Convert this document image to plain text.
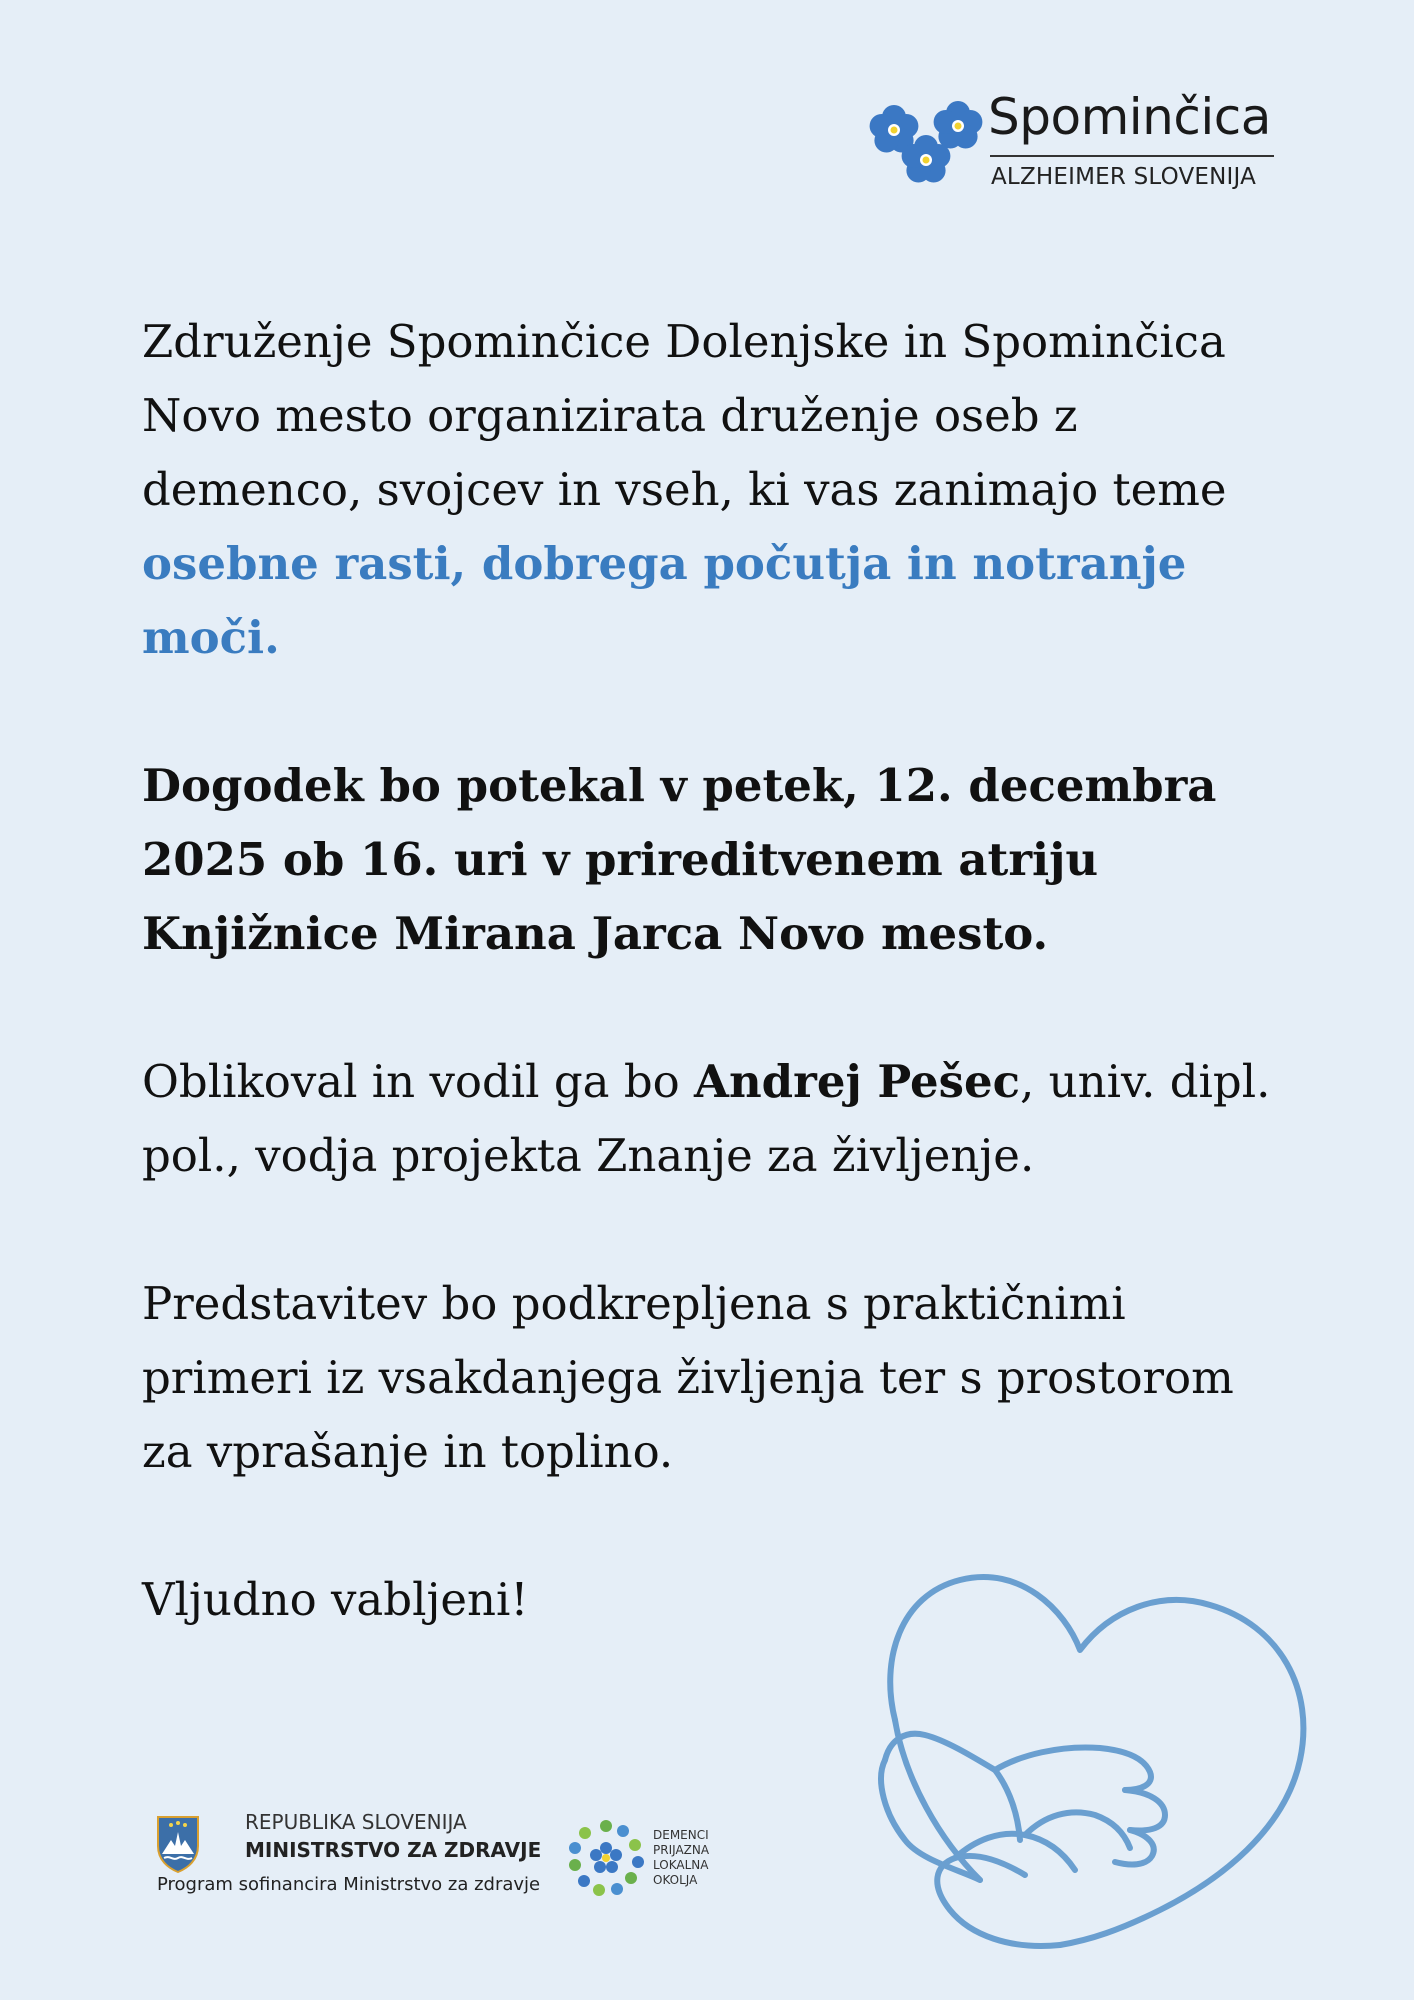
Spominčica
ALZHEIMER SLOVENIJA

Združenje Spominčice Dolenjske in Spominčica Novo mesto organizirata druženje oseb z demenco, svojcev in vseh, ki vas zanimajo teme osebne rasti, dobrega počutja in notranje moči.

Dogodek bo potekal v petek, 12. decembra 2025 ob 16. uri v prireditvenem atriju Knjižnice Mirana Jarca Novo mesto.

Oblikoval in vodil ga bo Andrej Pešec, univ. dipl. pol., vodja projekta Znanje za življenje.

Predstavitev bo podkrepljena s praktičnimi primeri iz vsakdanjega življenja ter s prostorom za vprašanje in toplino.

Vljudno vabljeni!

REPUBLIKA SLOVENIJA
MINISTRSTVO ZA ZDRAVJE
Program sofinancira Ministrstvo za zdravje
DEMENCI
PRIJAZNA
LOKALNA
OKOLJA
